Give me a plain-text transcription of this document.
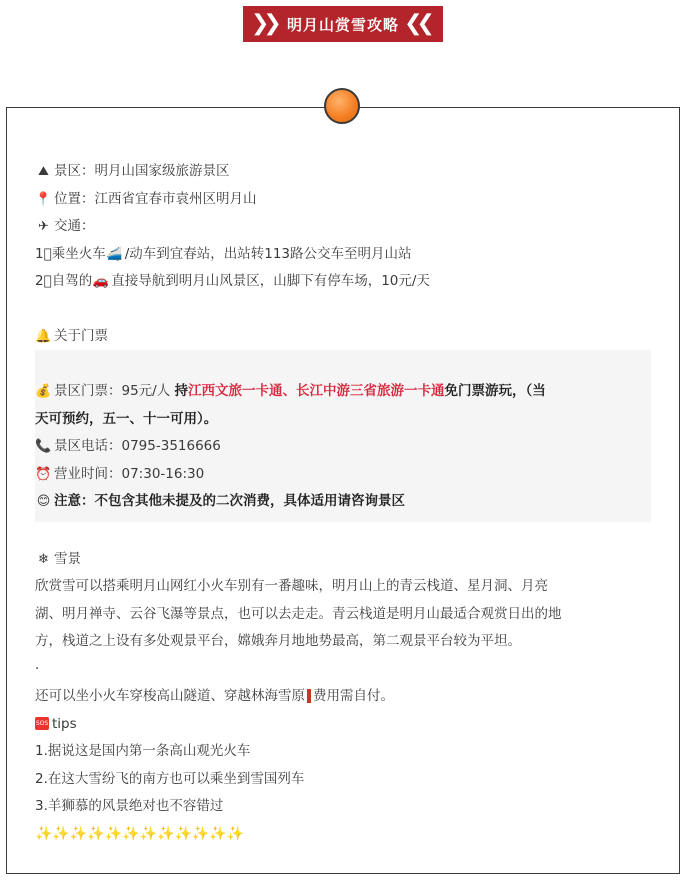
❯❯ 明月山赏雪攻略 ❮❮
⛰ 景区：明月山国家级旅游景区
📍 位置：江西省宜春市袁州区明月山
✈ 交通：
1⃣乘坐火车🚄 /动车到宜春站，出站转113路公交车至明月山站
2⃣自驾的🚗 直接导航到明月山风景区，山脚下有停车场，10元/天
🔔 关于门票
💰 景区门票：95元/人 持江西文旅一卡通、长江中游三省旅游一卡通免门票游玩，（当
天可预约，五一、十一可用）。
📞 景区电话：0795-3516666
⏰ 营业时间：07:30-16:30
😊 注意：不包含其他未提及的二次消费，具体适用请咨询景区
❄ 雪景
欣赏雪可以搭乘明月山网红小火车别有一番趣味，明月山上的青云栈道、星月洞、月亮
湖、明月禅寺、云谷飞瀑等景点，也可以去走走。青云栈道是明月山最适合观赏日出的地
方，栈道之上设有多处观景平台，嫦娥奔月地地势最高，第二观景平台较为平坦。
·
还可以坐小火车穿梭高山隧道、穿越林海雪原 费用需自付。
SOS tips
1.据说这是国内第一条高山观光火车
2.在这大雪纷飞的南方也可以乘坐到雪国列车
3.羊狮慕的风景绝对也不容错过
✨✨✨✨✨✨✨✨✨✨✨✨
